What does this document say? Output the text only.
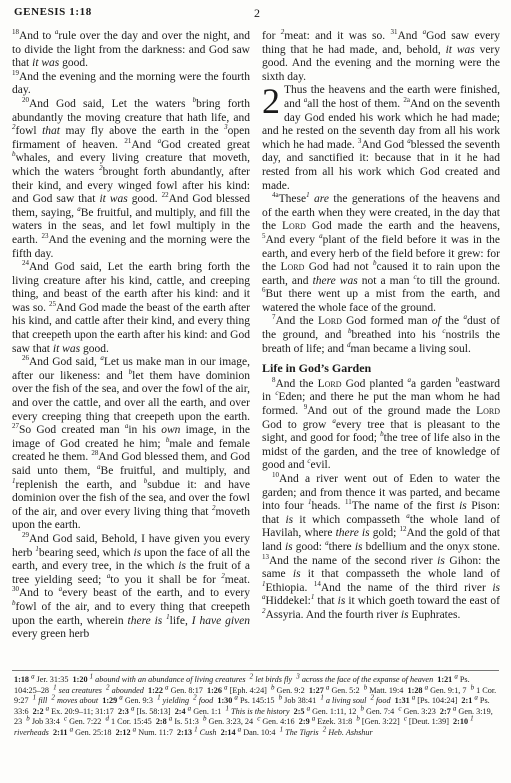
GENESIS 1:18	2

$^{18}$And to $^a$rule over the day and over the night, and to divide the light from the darkness: and God saw that it was good.

$^{19}$And the evening and the morning were the fourth day.

$^{20}$And God said, Let the waters $^b$bring forth abundantly the moving creature that hath life, and $^2$fowl that may fly above the earth in the $^3$open firmament of heaven. $^{21}$And $^a$God created great $^b$whales, and every living creature that moveth, which the waters $^2$brought forth abundantly, after their kind, and every winged fowl after his kind: and God saw that it was good. $^{22}$And God blessed them, saying, $^a$Be fruitful, and multiply, and fill the waters in the seas, and let fowl multiply in the earth. $^{23}$And the evening and the morning were the fifth day.

$^{24}$And God said, Let the earth bring forth the living creature after his kind, cattle, and creeping thing, and beast of the earth after his kind: and it was so. $^{25}$And God made the beast of the earth after his kind, and cattle after their kind, and every thing that creepeth upon the earth after his kind: and God saw that it was good.

$^{26}$And God said, $^a$Let us make man in our image, after our likeness: and $^b$let them have dominion over the fish of the sea, and over the fowl of the air, and over the cattle, and over all the earth, and over every creeping thing that creepeth upon the earth. $^{27}$So God created man $^a$in his own image, in the image of God created he him; $^b$male and female created he them. $^{28}$And God blessed them, and God said unto them, $^a$Be fruitful, and multiply, and $^1$replenish the earth, and $^b$subdue it: and have dominion over the fish of the sea, and over the fowl of the air, and over every living thing that $^2$moveth upon the earth.

$^{29}$And God said, Behold, I have given you every herb $^1$bearing seed, which is upon the face of all the earth, and every tree, in the which is the fruit of a tree yielding seed; $^a$to you it shall be for $^2$meat. $^{30}$And to $^a$every beast of the earth, and to every $^b$fowl of the air, and to every thing that creepeth upon the earth, wherein there is $^1$life, I have given every green herb

for $^2$meat: and it was so. $^{31}$And $^a$God saw every thing that he had made, and, behold, it was very good. And the evening and the morning were the sixth day.

2 Thus the heavens and the earth were finished, and $^a$all the host of them. $^{2a}$And on the seventh day God ended his work which he had made; and he rested on the seventh day from all his work which he had made. $^3$And God $^a$blessed the seventh day, and sanctified it: because that in it he had rested from all his work which God created and made.

$^{4a}$These$^1$ are the generations of the heavens and of the earth when they were created, in the day that the Lord God made the earth and the heavens, $^5$And every $^a$plant of the field before it was in the earth, and every herb of the field before it grew: for the Lord God had not $^b$caused it to rain upon the earth, and there was not a man $^c$to till the ground. $^6$But there went up a mist from the earth, and watered the whole face of the ground.

$^7$And the Lord God formed man of the $^a$dust of the ground, and $^b$breathed into his $^c$nostrils the breath of life; and $^d$man became a living soul.

Life in God’s Garden

$^8$And the Lord God planted $^a$a garden $^b$eastward in $^c$Eden; and there he put the man whom he had formed. $^9$And out of the ground made the Lord God to grow $^a$every tree that is pleasant to the sight, and good for food; $^b$the tree of life also in the midst of the garden, and the tree of knowledge of good and $^c$evil.

$^{10}$And a river went out of Eden to water the garden; and from thence it was parted, and became into four $^1$heads. $^{11}$The name of the first is Pison: that is it which compasseth $^a$the whole land of Havilah, where there is gold; $^{12}$And the gold of that land is good: $^a$there is bdellium and the onyx stone. $^{13}$And the name of the second river is Gihon: the same is it that compasseth the whole land of $^1$Ethiopia. $^{14}$And the name of the third river is $^a$Hiddekel:$^1$ that is it which goeth toward the east of $^2$Assyria. And the fourth river is Euphrates.

1:18 a Jer. 31:35  1:20 1 abound with an abundance of living creatures  2 let birds fly  3 across the face of the expanse of heaven 1:21 a Ps. 104:25–28  1 sea creatures  2 abounded 1:22 a Gen. 8:17  1:26 a [Eph. 4:24]  b Gen. 9:2  1:27 a Gen. 5:2  b Matt. 19:4  1:28 a Gen. 9:1, 7  b 1 Cor. 9:27  1 fill  2 moves about 1:29 a Gen. 9:3  1 yielding  2 food 1:30 a Ps. 145:15  b Job 38:41  1 a living soul  2 food 1:31 a [Ps. 104:24]  2:1 a Ps. 33:6  2:2 a Ex. 20:9–11; 31:17  2:3 a [Is. 58:13]  2:4 a Gen. 1:1  1 This is the history 2:5 a Gen. 1:11, 12  b Gen. 7:4  c Gen. 3:23  2:7 a Gen. 3:19, 23  b Job 33:4  c Gen. 7:22  d 1 Cor. 15:45  2:8 a Is. 51:3  b Gen. 3:23, 24  c Gen. 4:16  2:9 a Ezek. 31:8  b [Gen. 3:22]  c [Deut. 1:39]  2:10 1 riverheads 2:11 a Gen. 25:18  2:12 a Num. 11:7  2:13 1 Cush 2:14 a Dan. 10:4  1 The Tigris  2 Heb. Ashshur
